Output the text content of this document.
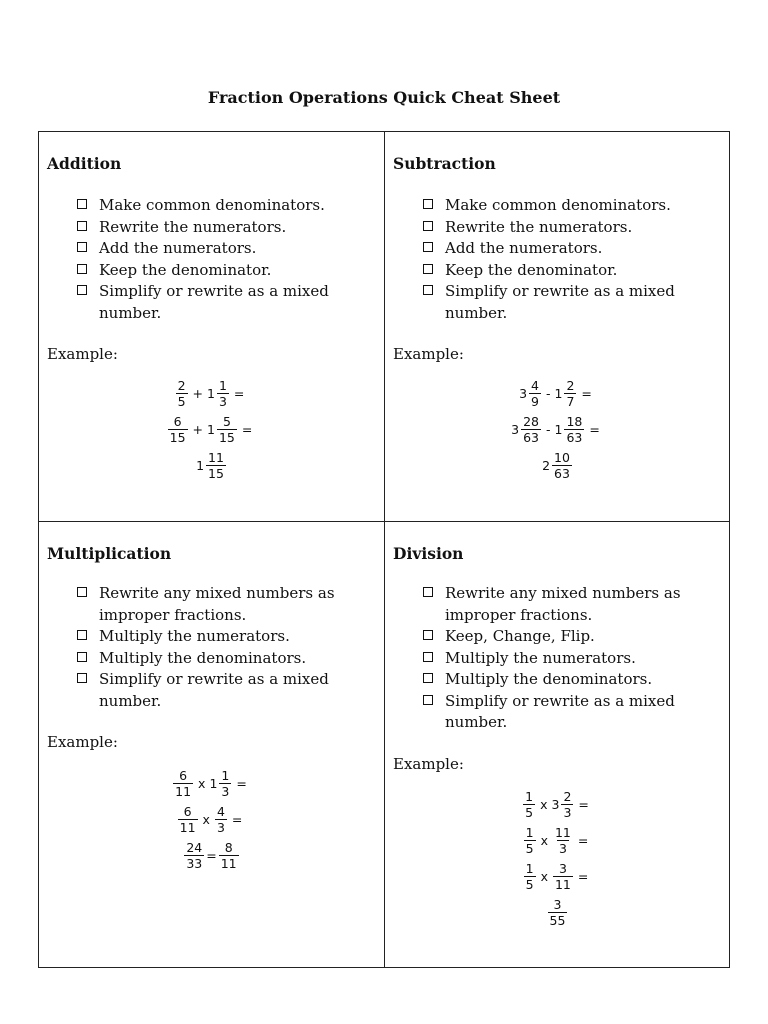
Fraction Operations Quick Cheat Sheet

Addition

Make common denominators.
Rewrite the numerators.
Add the numerators.
Keep the denominator.
Simplify or rewrite as a mixed number.

Example:

$\frac{2}{5} + 1 \frac{1}{3}$ =
$\frac{6}{15} + 1 \frac{5}{15}$ =
$1 \frac{11}{15}$

Subtraction

Make common denominators.
Rewrite the numerators.
Add the numerators.
Keep the denominator.
Simplify or rewrite as a mixed number.

Example:

$3 \frac{4}{9} - 1 \frac{2}{7}$ =
$3 \frac{28}{63} - 1 \frac{18}{63}$ =
$2 \frac{10}{63}$

Multiplication

Rewrite any mixed numbers as improper fractions.
Multiply the numerators.
Multiply the denominators.
Simplify or rewrite as a mixed number.

Example:

$\frac{6}{11}$ x $1 \frac{1}{3}$ =
$\frac{6}{11}$ x $\frac{4}{3}$ =
$\frac{24}{33} = \frac{8}{11}$

Division

Rewrite any mixed numbers as improper fractions.
Keep, Change, Flip.
Multiply the numerators.
Multiply the denominators.
Simplify or rewrite as a mixed number.

Example:

$\frac{1}{5}$ x $3 \frac{2}{3}$ =
$\frac{1}{5}$ x $\frac{11}{3}$ =
$\frac{1}{5}$ x $\frac{3}{11}$ =
$\frac{3}{55}$
